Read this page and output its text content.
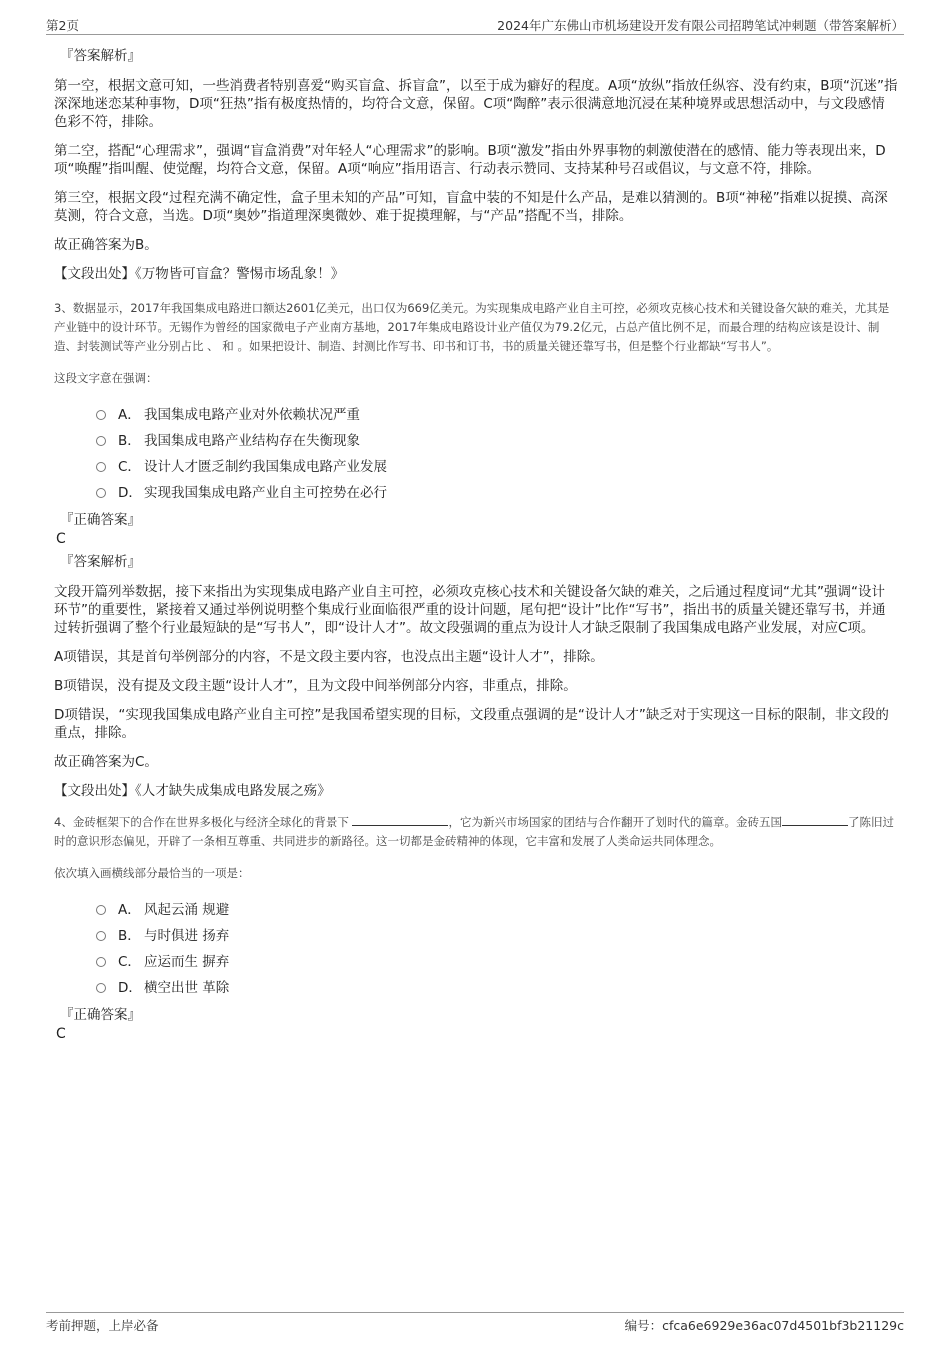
第2页	2024年广东佛山市机场建设开发有限公司招聘笔试冲刺题（带答案解析）
『答案解析』

第一空，根据文意可知，一些消费者特别喜爱“购买盲盒、拆盲盒”，以至于成为癖好的程度。A项“放纵”指放任纵容、没有约束，B项“沉迷”指深深地迷恋某种事物，D项“狂热”指有极度热情的，均符合文意，保留。C项“陶醉”表示很满意地沉浸在某种境界或思想活动中，与文段感情色彩不符，排除。

第二空，搭配“心理需求”，强调“盲盒消费”对年轻人“心理需求”的影响。B项“激发”指由外界事物的刺激使潜在的感情、能力等表现出来，D项“唤醒”指叫醒、使觉醒，均符合文意，保留。A项“响应”指用语言、行动表示赞同、支持某种号召或倡议，与文意不符，排除。

第三空，根据文段“过程充满不确定性，盒子里未知的产品”可知，盲盒中装的不知是什么产品，是难以猜测的。B项“神秘”指难以捉摸、高深莫测，符合文意，当选。D项“奥妙”指道理深奥微妙、难于捉摸理解，与“产品”搭配不当，排除。

故正确答案为B。

【文段出处】《万物皆可盲盒？警惕市场乱象！》

3、数据显示，2017年我国集成电路进口额达2601亿美元，出口仅为669亿美元。为实现集成电路产业自主可控，必须攻克核心技术和关键设备欠缺的难关，尤其是产业链中的设计环节。无锡作为曾经的国家微电子产业南方基地，2017年集成电路设计业产值仅为79.2亿元，占总产值比例不足，而最合理的结构应该是设计、制造、封装测试等产业分别占比 、 和 。如果把设计、制造、封测比作写书、印书和订书，书的质量关键还靠写书，但是整个行业都缺“写书人”。

这段文字意在强调：

A． 我国集成电路产业对外依赖状况严重
B． 我国集成电路产业结构存在失衡现象
C． 设计人才匮乏制约我国集成电路产业发展
D． 实现我国集成电路产业自主可控势在必行
『正确答案』
C
『答案解析』

文段开篇列举数据，接下来指出为实现集成电路产业自主可控，必须攻克核心技术和关键设备欠缺的难关，之后通过程度词“尤其”强调“设计环节”的重要性，紧接着又通过举例说明整个集成行业面临很严重的设计问题，尾句把“设计”比作“写书”，指出书的质量关键还靠写书，并通过转折强调了整个行业最短缺的是“写书人”，即“设计人才”。故文段强调的重点为设计人才缺乏限制了我国集成电路产业发展，对应C项。

A项错误，其是首句举例部分的内容，不是文段主要内容，也没点出主题“设计人才”，排除。

B项错误，没有提及文段主题“设计人才”，且为文段中间举例部分内容，非重点，排除。

D项错误，“实现我国集成电路产业自主可控”是我国希望实现的目标，文段重点强调的是“设计人才”缺乏对于实现这一目标的限制，非文段的重点，排除。

故正确答案为C。

【文段出处】《人才缺失成集成电路发展之殇》

4、金砖框架下的合作在世界多极化与经济全球化的背景下	，它为新兴市场国家的团结与合作翻开了划时代的篇章。金砖五国	了陈旧过时的意识形态偏见，开辟了一条相互尊重、共同进步的新路径。这一切都是金砖精神的体现，它丰富和发展了人类命运共同体理念。

依次填入画横线部分最恰当的一项是：

A． 风起云涌 规避
B． 与时俱进 扬弃
C． 应运而生 摒弃
D． 横空出世 革除
『正确答案』
C
考前押题，上岸必备	编号：cfca6e6929e36ac07d4501bf3b21129c
